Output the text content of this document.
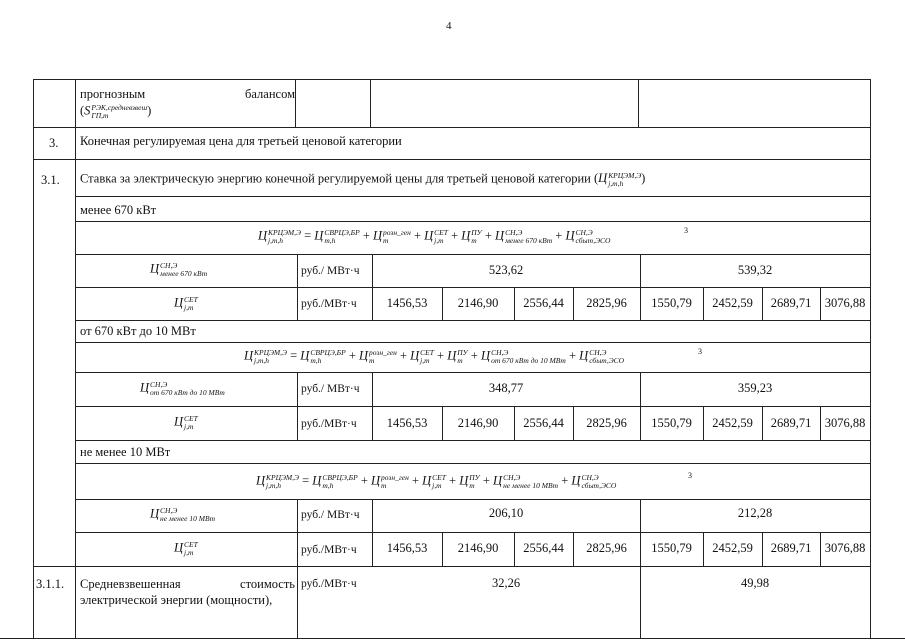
4
прогнозным	балансом
(S РЭК,средневзвеш
ГП,m	)
3. Конечная регулируемая цена для третьей ценовой категории
3.1. Ставка за электрическую энергию конечной регулируемой цены для третьей ценовой категории (Ц КРЦЭМ,Э
j,m,h	)
менее 670 кВт
Ц КРЦЭМ,Э
j,m,h	= Ц СВРЦЭ,БР
m,h	+ Ц розн_ген
m	+ Ц СЕТ
j,m + Ц ПУ
m + Ц СН,Э
менее 670 кВт + Ц СН,Э
сбыт,ЭСО
3
Ц СН,Э
менее 670 кВт	руб./ МВт·ч	523,62	539,32
Ц СЕТ
j,m	руб./МВт·ч	1456,53	2146,90	2556,44	2825,96	1550,79	2452,59	2689,71	3076,88
от 670 кВт до 10 МВт
Ц КРЦЭМ,Э
j,m,h	= Ц СВРЦЭ,БР
m,h	+ Ц розн_ген
m	+ Ц СЕТ
j,m + Ц ПУ
m + Ц СН,Э
от 670 кВт до 10 МВт + Ц СН,Э
сбыт,ЭСО
3
Ц СН,Э
от 670 кВт до 10 МВт	руб./ МВт·ч	348,77	359,23
Ц СЕТ
j,m	руб./МВт·ч	1456,53	2146,90	2556,44	2825,96	1550,79	2452,59	2689,71	3076,88
не менее 10 МВт
Ц КРЦЭМ,Э
j,m,h	= Ц СВРЦЭ,БР
m,h	+ Ц розн_ген
m	+ Ц СЕТ
j,m + Ц ПУ
m + Ц СН,Э
не менее 10 МВт + Ц СН,Э
сбыт,ЭСО
3
Ц СН,Э
не менее 10 МВт	руб./ МВт·ч	206,10	212,28
Ц СЕТ
j,m	руб./МВт·ч	1456,53	2146,90	2556,44	2825,96	1550,79	2452,59	2689,71	3076,88
3.1.1. Средневзвешенная	стоимость
электрической энергии (мощности),
руб./МВт·ч	32,26	49,98
